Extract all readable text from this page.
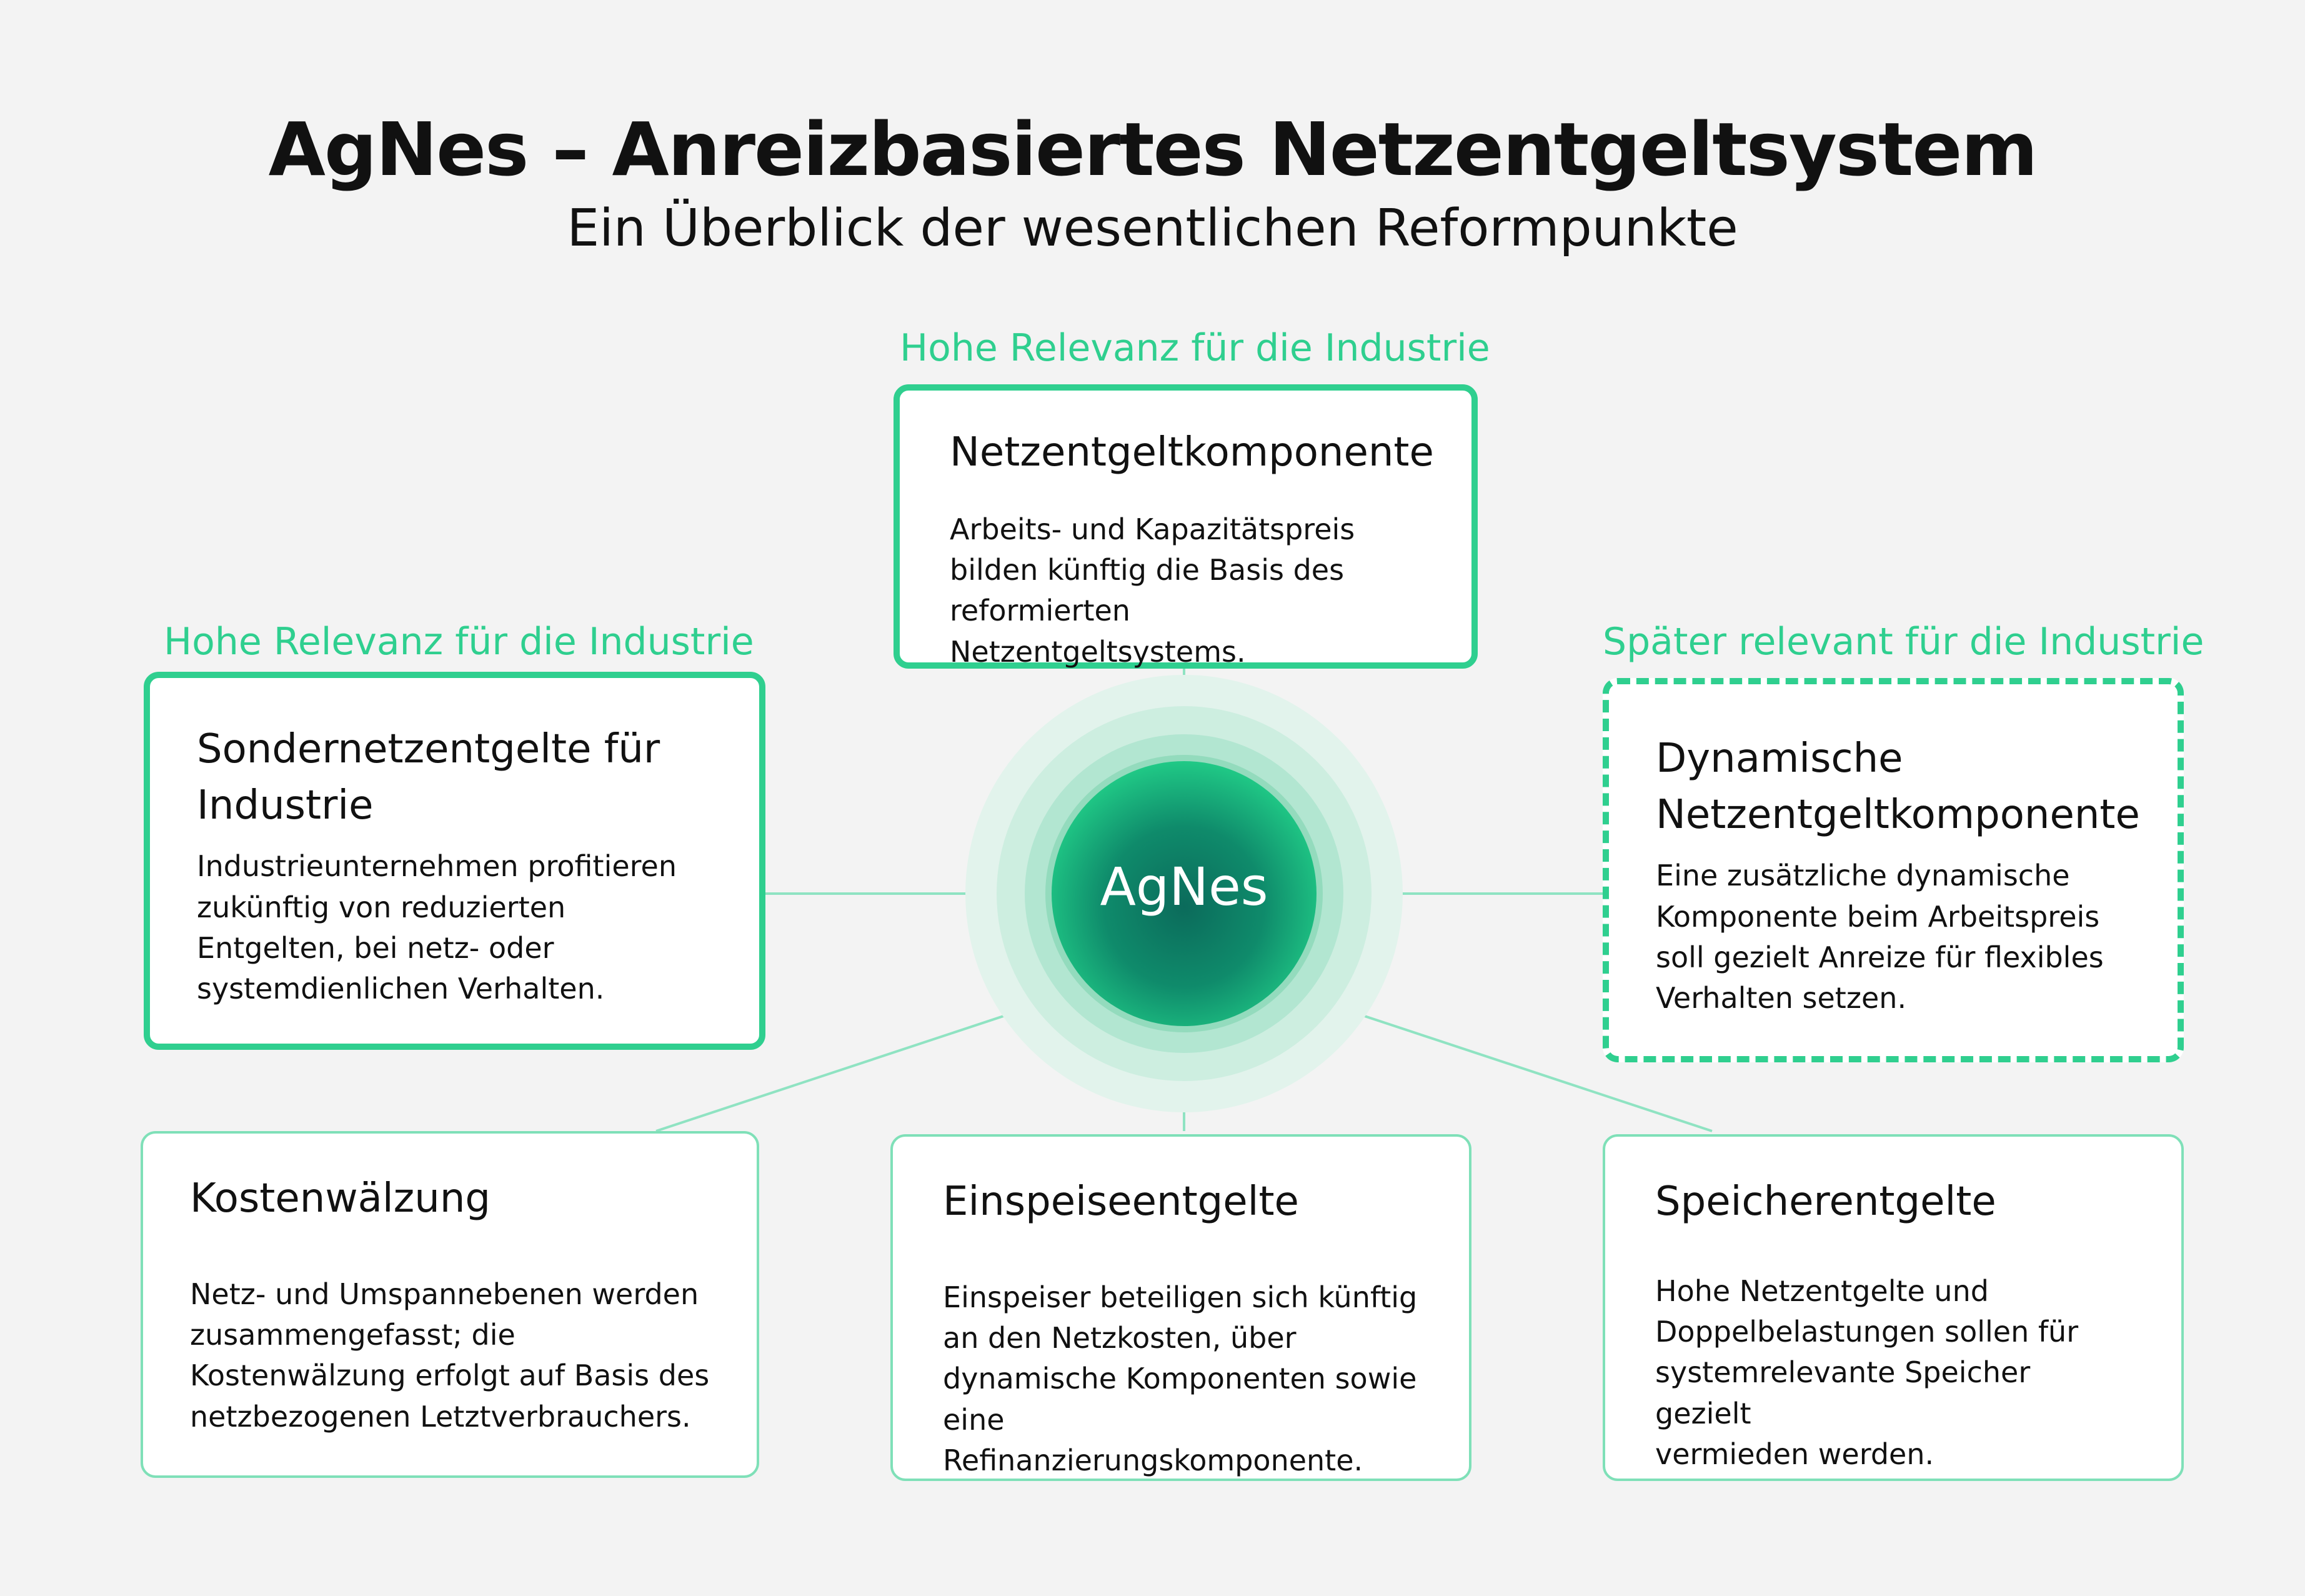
AgNes – Anreizbasiertes Netzentgeltsystem
Ein Überblick der wesentlichen Reformpunkte
AgNes
Hohe Relevanz für die Industrie
Hohe Relevanz für die Industrie	Später relevant für die Industrie
Netzentgeltkomponente

Arbeits- und Kapazitätspreis

bilden künftig die Basis des

reformierten Netzentgeltsystems.

Sondernetzentgelte für
Industrie

Industrieunternehmen profitieren

zukünftig von reduzierten

Entgelten, bei netz- oder

systemdienlichen Verhalten.

Dynamische
Netzentgeltkomponente

Eine zusätzliche dynamische

Komponente beim Arbeitspreis

soll gezielt Anreize für flexibles

Verhalten setzen.

Kostenwälzung

Netz- und Umspannebenen werden

zusammengefasst; die

Kostenwälzung erfolgt auf Basis des

netzbezogenen Letztverbrauchers.

Einspeiseentgelte

Einspeiser beteiligen sich künftig

an den Netzkosten, über

dynamische Komponenten sowie

eine Refinanzierungskomponente.

Speicherentgelte

Hohe Netzentgelte und

Doppelbelastungen sollen für

systemrelevante Speicher gezielt

vermieden werden.
